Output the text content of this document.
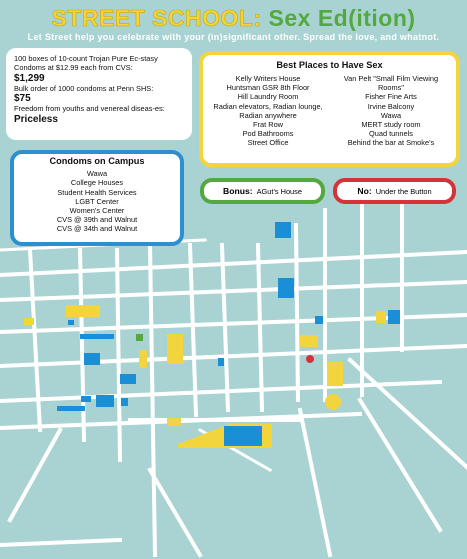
STREET SCHOOL: Sex Ed(ition)
Let Street help you celebrate with your (in)significant other. Spread the love, and whatnot.
100 boxes of 10-count Trojan Pure Ec-stasy Condoms at $12.99 each from CVS:
$1,299
Bulk order of 1000 condoms at Penn SHS:
$75
Freedom from youths and venereal diseas-es: Priceless
Best Places to Have Sex
Kelly Writers House
Huntsman GSR 8th Floor
Hill Laundry Room
Radian elevators, Radian lounge,
Radian anywhere
Frat Row
Pod Bathrooms
Street Office
Van Pelt "Small Film Viewing
Rooms"
Fisher Fine Arts
Irvine Balcony
Wawa
MERT study room
Quad tunnels
Behind the bar at Smoke's
Condoms on Campus
Wawa
College Houses
Student Health Services
LGBT Center
Women's Center
CVS @ 39th and Walnut
CVS @ 34th and Walnut
Bonus: AGut's House	No: Under the Button
